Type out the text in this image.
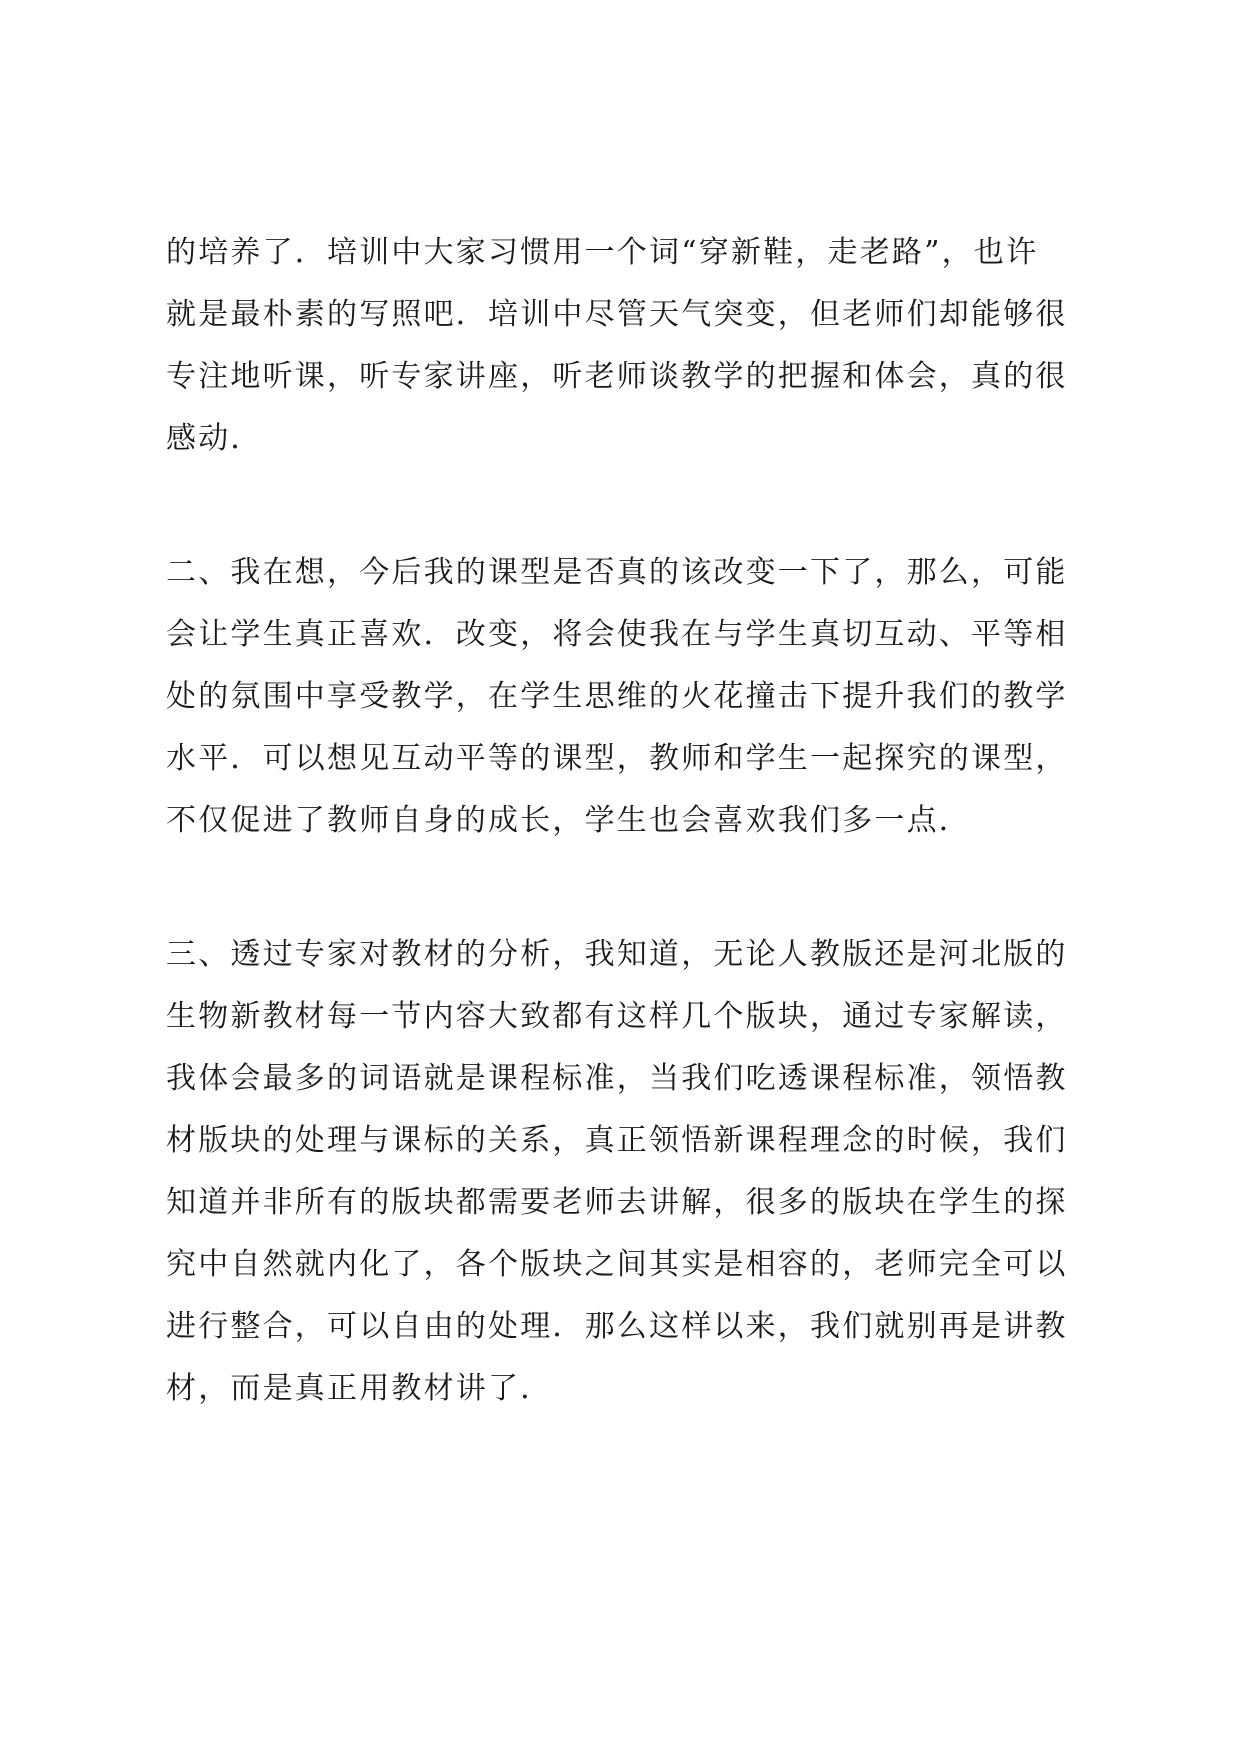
的培养了．培训中大家习惯用一个词“穿新鞋，走老路”，也许
就是最朴素的写照吧．培训中尽管天气突变，但老师们却能够很
专注地听课，听专家讲座，听老师谈教学的把握和体会，真的很
感动．

二、我在想，今后我的课型是否真的该改变一下了，那么，可能
会让学生真正喜欢．改变，将会使我在与学生真切互动、平等相
处的氛围中享受教学，在学生思维的火花撞击下提升我们的教学
水平．可以想见互动平等的课型，教师和学生一起探究的课型，
不仅促进了教师自身的成长，学生也会喜欢我们多一点．

三、透过专家对教材的分析，我知道，无论人教版还是河北版的
生物新教材每一节内容大致都有这样几个版块，通过专家解读，
我体会最多的词语就是课程标准，当我们吃透课程标准，领悟教
材版块的处理与课标的关系，真正领悟新课程理念的时候，我们
知道并非所有的版块都需要老师去讲解，很多的版块在学生的探
究中自然就内化了，各个版块之间其实是相容的，老师完全可以
进行整合，可以自由的处理．那么这样以来，我们就别再是讲教
材，而是真正用教材讲了．
